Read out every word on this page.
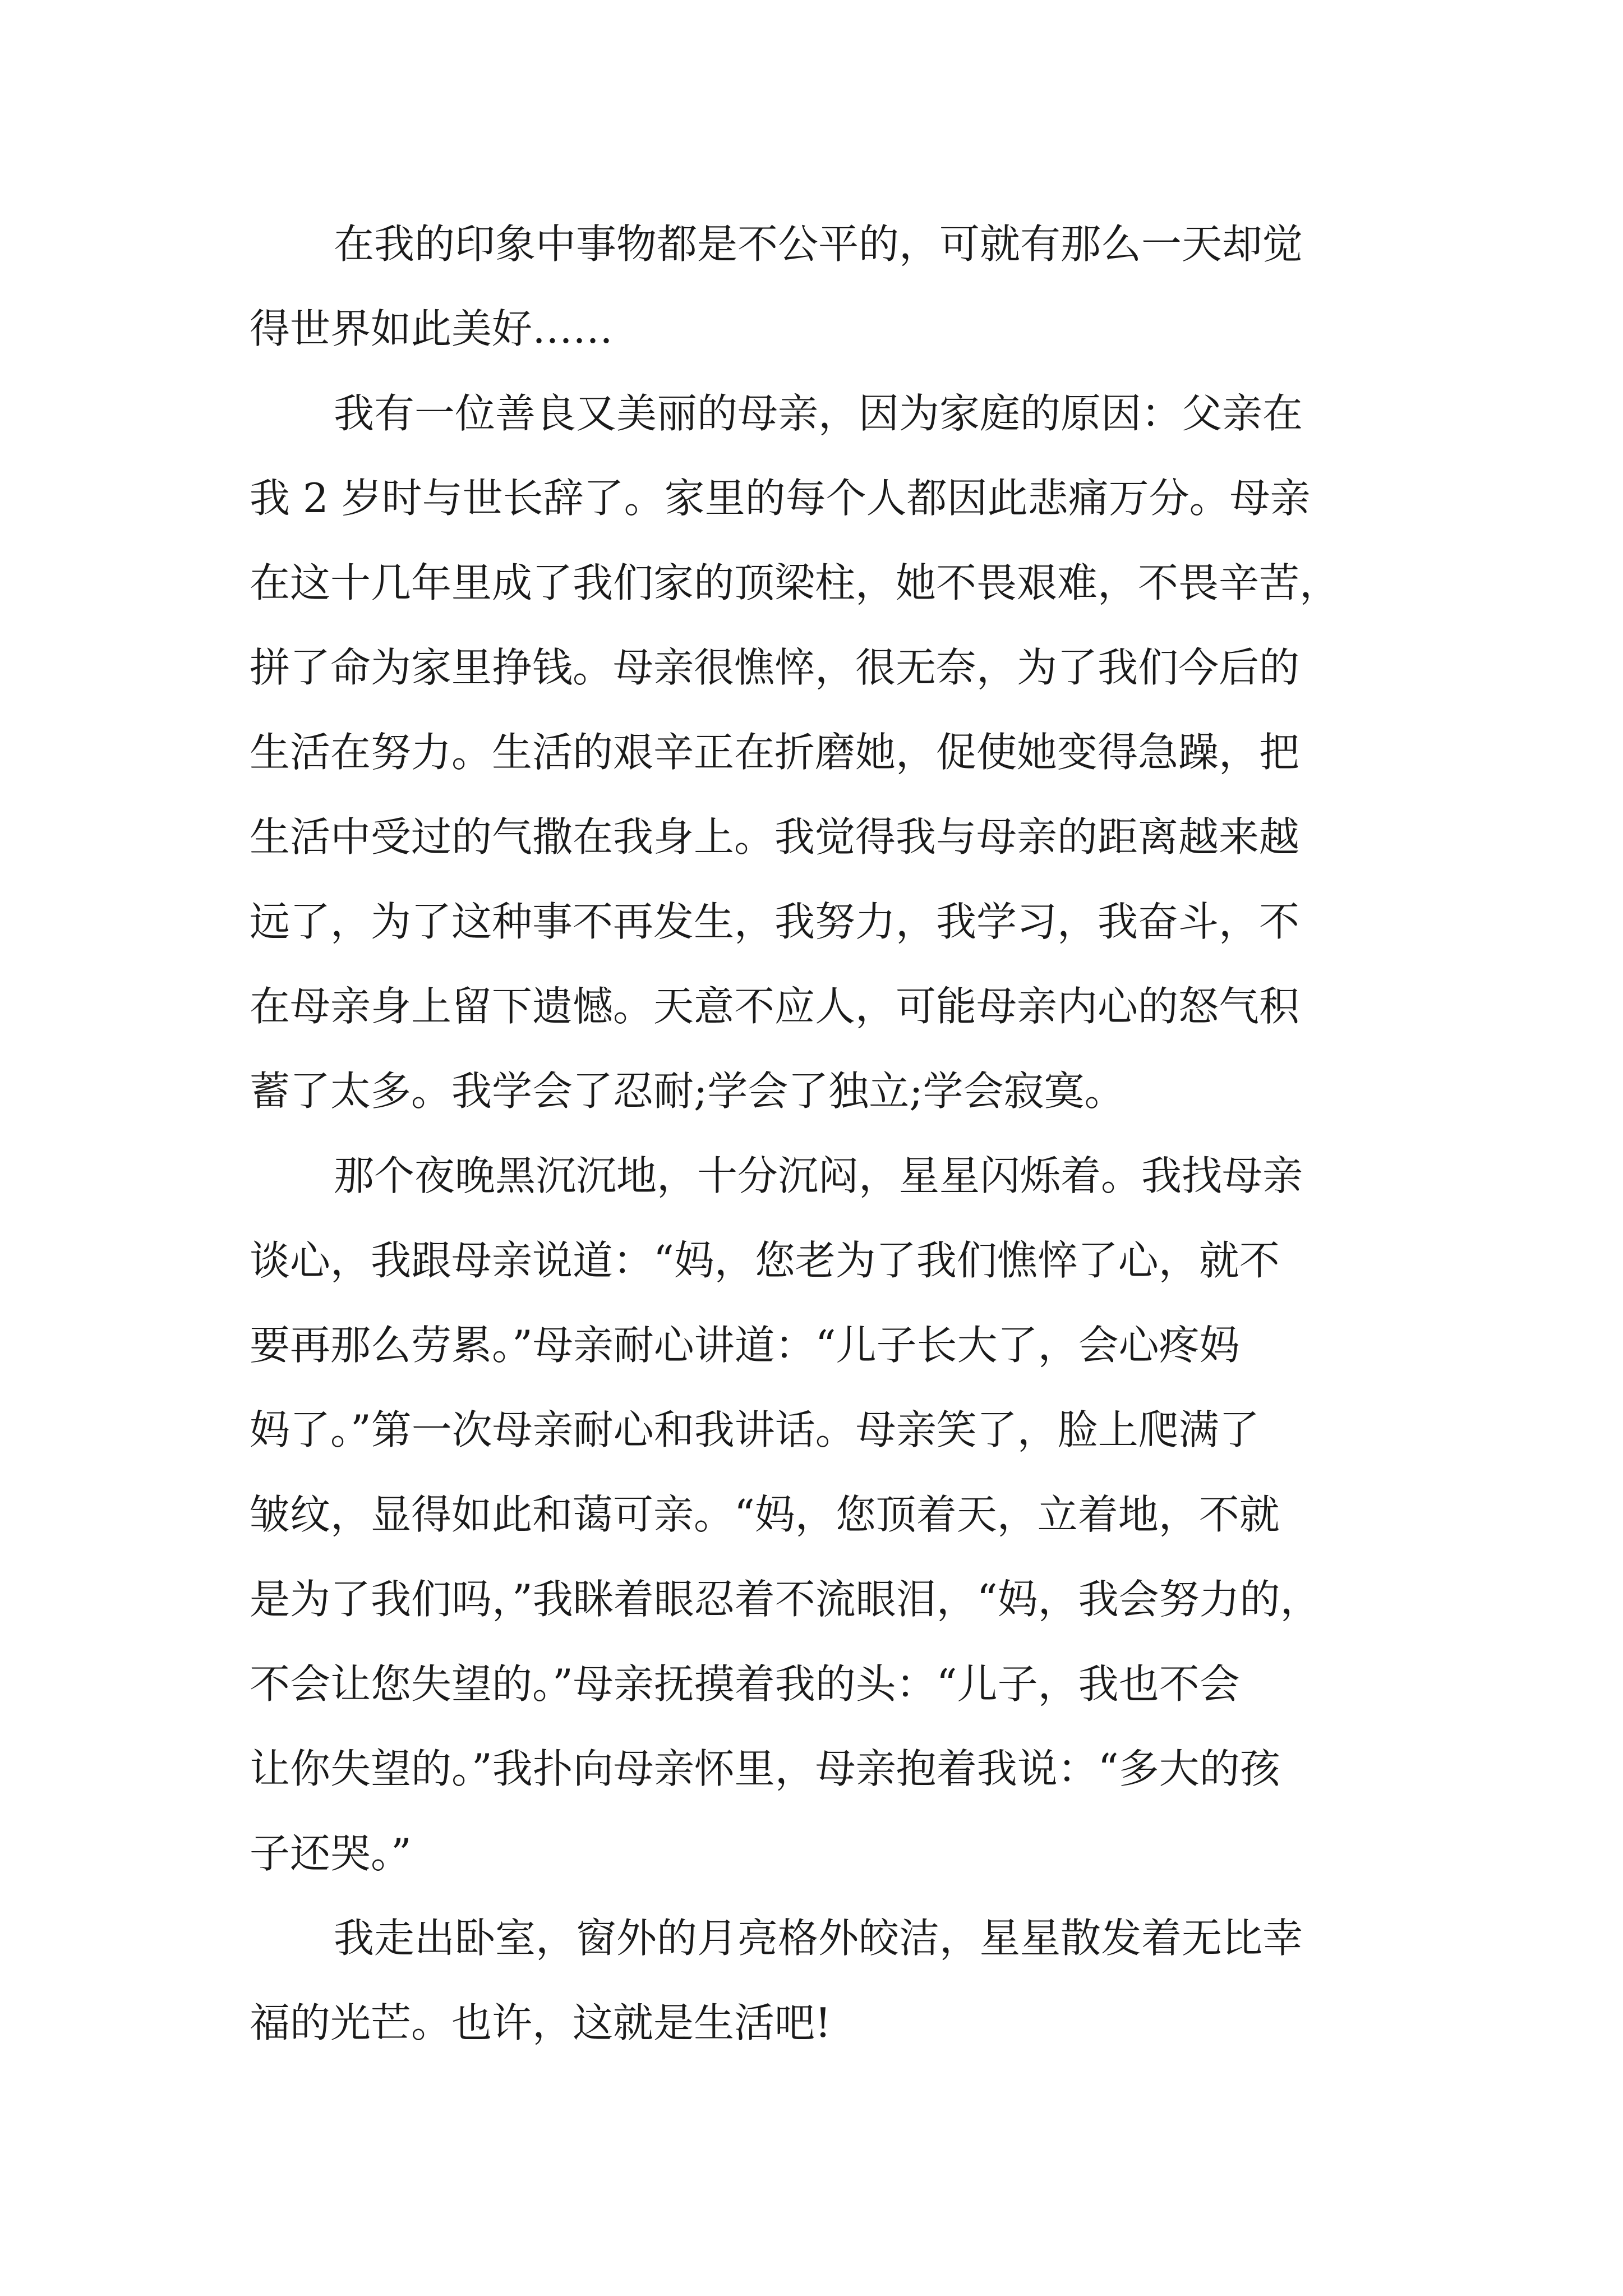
在我的印象中事物都是不公平的，可就有那么一天却觉
得世界如此美好……
我有一位善良又美丽的母亲，因为家庭的原因：父亲在
我 2 岁时与世长辞了。家里的每个人都因此悲痛万分。母亲
在这十几年里成了我们家的顶梁柱，她不畏艰难，不畏辛苦，
拼了命为家里挣钱。母亲很憔悴，很无奈，为了我们今后的
生活在努力。生活的艰辛正在折磨她，促使她变得急躁，把
生活中受过的气撒在我身上。我觉得我与母亲的距离越来越
远了，为了这种事不再发生，我努力，我学习，我奋斗，不
在母亲身上留下遗憾。天意不应人，可能母亲内心的怒气积
蓄了太多。我学会了忍耐;学会了独立;学会寂寞。
那个夜晚黑沉沉地，十分沉闷，星星闪烁着。我找母亲
谈心，我跟母亲说道：“妈，您老为了我们憔悴了心，就不
要再那么劳累。”母亲耐心讲道：“儿子长大了，会心疼妈
妈了。”第一次母亲耐心和我讲话。母亲笑了，脸上爬满了
皱纹，显得如此和蔼可亲。“妈，您顶着天，立着地，不就
是为了我们吗，”我眯着眼忍着不流眼泪，“妈，我会努力的，
不会让您失望的。”母亲抚摸着我的头：“儿子，我也不会
让你失望的。”我扑向母亲怀里，母亲抱着我说：“多大的孩
子还哭。”
我走出卧室，窗外的月亮格外皎洁，星星散发着无比幸
福的光芒。也许，这就是生活吧!
